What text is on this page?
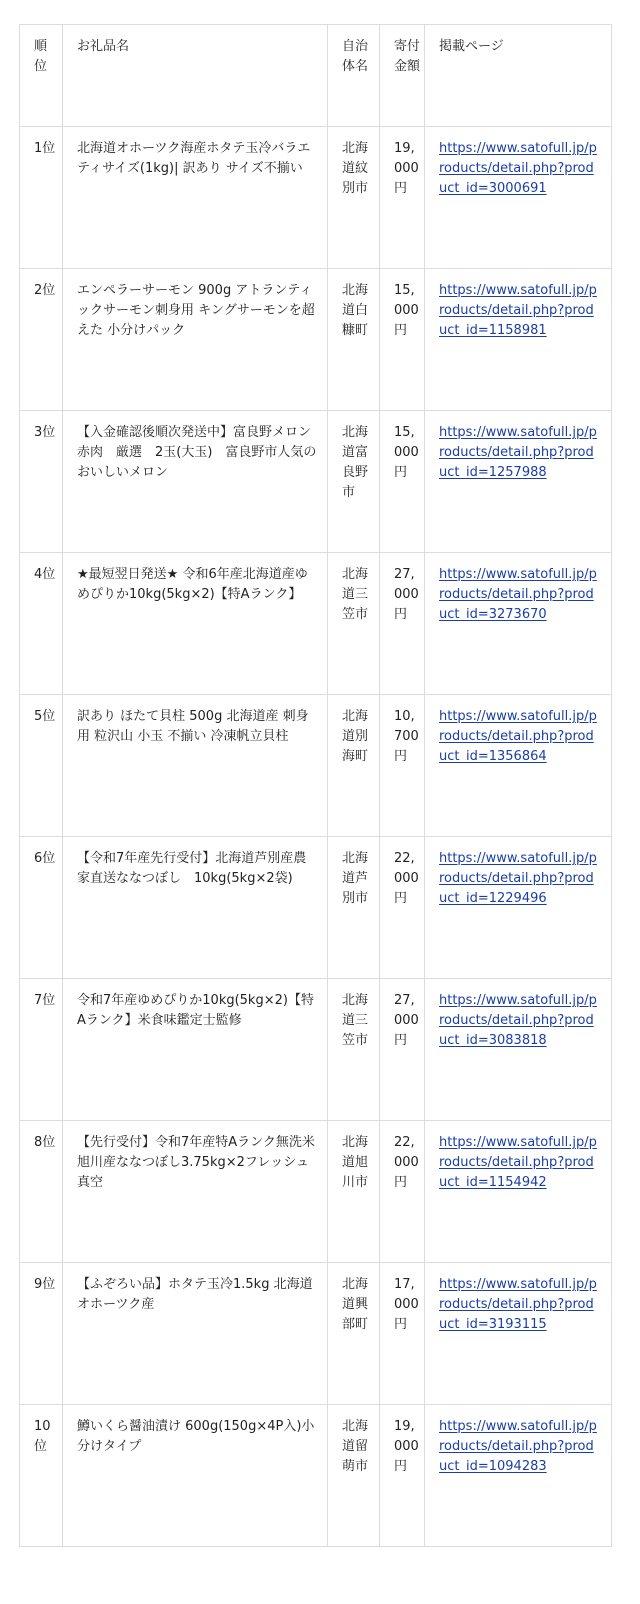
順位	お礼品名	自治体名	寄付金額	掲載ページ
1位	北海道オホーツク海産ホタテ玉冷バラエティサイズ(1kg)| 訳あり サイズ不揃い	北海道紋別市	19,000円	https://www.satofull.jp/products/detail.php?product_id=3000691
2位	エンペラーサーモン 900g アトランティックサーモン刺身用 キングサーモンを超えた 小分けパック	北海道白糠町	15,000円	https://www.satofull.jp/products/detail.php?product_id=1158981
3位	【入金確認後順次発送中】富良野メロン赤肉　厳選　2玉(大玉)　富良野市人気のおいしいメロン	北海道富良野市	15,000円	https://www.satofull.jp/products/detail.php?product_id=1257988
4位	★最短翌日発送★ 令和6年産北海道産ゆめぴりか10kg(5kg×2)【特Aランク】	北海道三笠市	27,000円	https://www.satofull.jp/products/detail.php?product_id=3273670
5位	訳あり ほたて貝柱 500g 北海道産 刺身用 粒沢山 小玉 不揃い 冷凍帆立貝柱	北海道別海町	10,700円	https://www.satofull.jp/products/detail.php?product_id=1356864
6位	【令和7年産先行受付】北海道芦別産農家直送ななつぼし　10kg(5kg×2袋)	北海道芦別市	22,000円	https://www.satofull.jp/products/detail.php?product_id=1229496
7位	令和7年産ゆめぴりか10kg(5kg×2)【特Aランク】米食味鑑定士監修	北海道三笠市	27,000円	https://www.satofull.jp/products/detail.php?product_id=3083818
8位	【先行受付】令和7年産特Aランク無洗米旭川産ななつぼし3.75kg×2フレッシュ真空	北海道旭川市	22,000円	https://www.satofull.jp/products/detail.php?product_id=1154942
9位	【ふぞろい品】ホタテ玉冷1.5kg 北海道オホーツク産	北海道興部町	17,000円	https://www.satofull.jp/products/detail.php?product_id=3193115
10位	鱒いくら醤油漬け 600g(150g×4P入)小分けタイプ	北海道留萌市	19,000円	https://www.satofull.jp/products/detail.php?product_id=1094283
